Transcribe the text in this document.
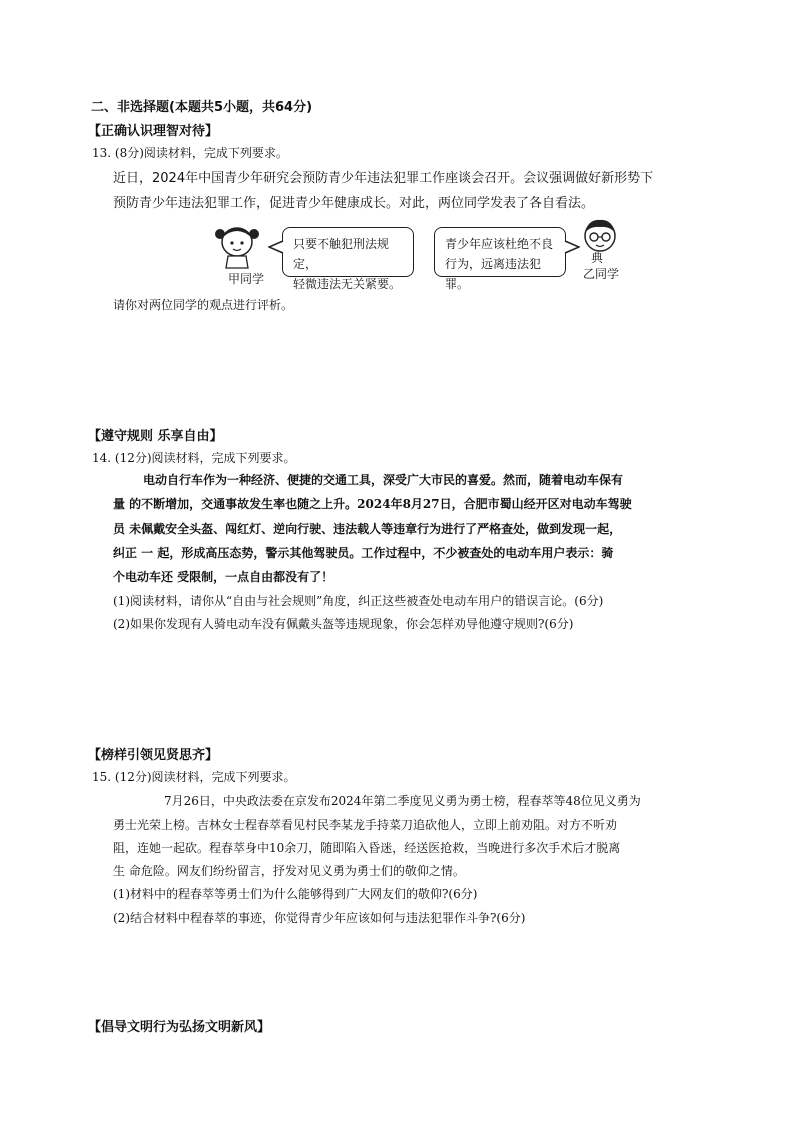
二、非选择题(本题共5小题，共64分)
【正确认识理智对待】
13. (8分)阅读材料，完成下列要求。
近日，2024年中国青少年研究会预防青少年违法犯罪工作座谈会召开。会议强调做好新形势下
预防青少年违法犯罪工作，促进青少年健康成长。对此，两位同学发表了各自看法。
甲同学
只要不触犯刑法规定，
轻微违法无关紧要。
青少年应该杜绝不良
行为，远离违法犯罪。
典
乙同学
请你对两位同学的观点进行评析。
【遵守规则 乐享自由】
14. (12分)阅读材料，完成下列要求。
电动自行车作为一种经济、便捷的交通工具，深受广大市民的喜爱。然而，随着电动车保有
量 的不断增加，交通事故发生率也随之上升。2024年8月27日，合肥市蜀山经开区对电动车驾驶
员 未佩戴安全头盔、闯红灯、逆向行驶、违法载人等违章行为进行了严格查处，做到发现一起，
纠正 一 起，形成高压态势，警示其他驾驶员。工作过程中，不少被查处的电动车用户表示：骑
个电动车还 受限制，一点自由都没有了！
(1)阅读材料，请你从“自由与社会规则”角度，纠正这些被查处电动车用户的错误言论。(6分)
(2)如果你发现有人骑电动车没有佩戴头盔等违规现象，你会怎样劝导他遵守规则?(6分)
【榜样引领见贤思齐】
15. (12分)阅读材料，完成下列要求。
7月26日，中央政法委在京发布2024年第二季度见义勇为勇士榜，程春萃等48位见义勇为
勇士光荣上榜。吉林女士程春萃看见村民李某龙手持菜刀追砍他人，立即上前劝阻。对方不听劝
阻，连她一起砍。程春萃身中10余刀，随即陷入昏迷，经送医抢救，当晚进行多次手术后才脱离
生 命危险。网友们纷纷留言，抒发对见义勇为勇士们的敬仰之情。
(1)材料中的程春萃等勇士们为什么能够得到广大网友们的敬仰?(6分)
(2)结合材料中程春萃的事迹，你觉得青少年应该如何与违法犯罪作斗争?(6分)
【倡导文明行为弘扬文明新风】
